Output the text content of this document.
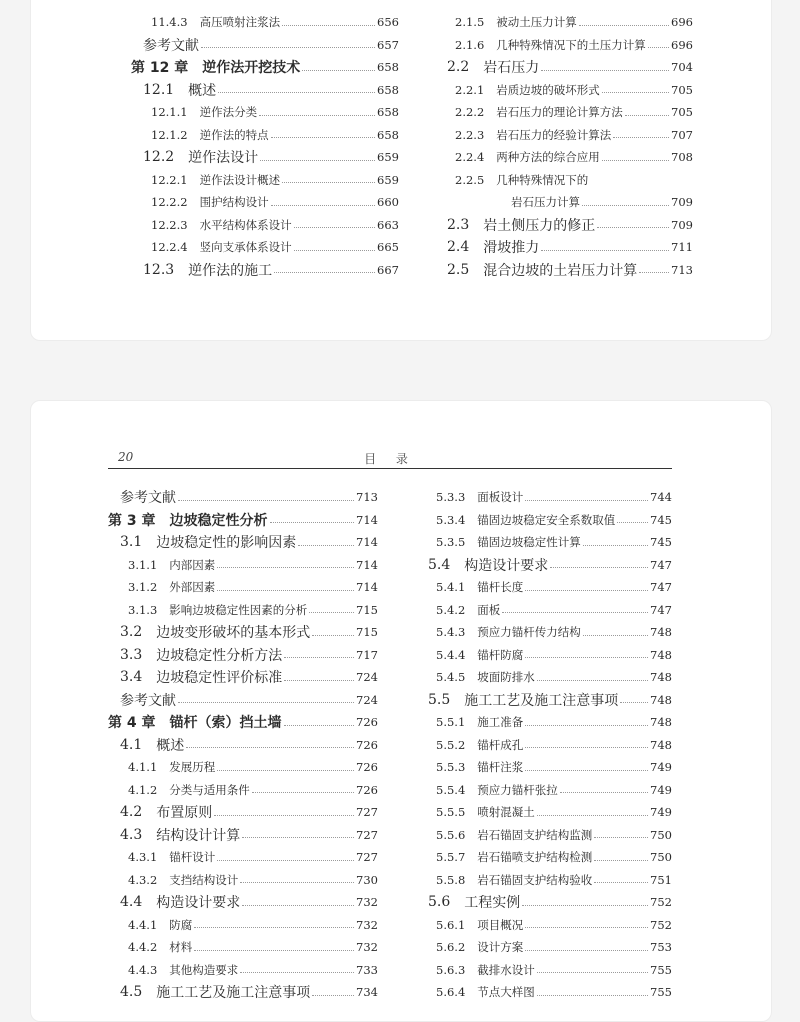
11.4.3 高压喷射注浆法	656
参考文献	657
第 12 章 逆作法开挖技术	658
12.1 概述	658
12.1.1 逆作法分类	658
12.1.2 逆作法的特点	658
12.2 逆作法设计	659
12.2.1 逆作法设计概述	659
12.2.2 围护结构设计	660
12.2.3 水平结构体系设计	663
12.2.4 竖向支承体系设计	665
12.3 逆作法的施工	667
2.1.5 被动土压力计算	696
2.1.6 几种特殊情况下的土压力计算 696
2.2 岩石压力	704
2.2.1 岩质边坡的破坏形式	705
2.2.2 岩石压力的理论计算方法	705
2.2.3 岩石压力的经验计算法	707
2.2.4 两种方法的综合应用	708
2.2.5 几种特殊情况下的
岩石压力计算	709
2.3 岩土侧压力的修正	709
2.4 滑坡推力	711
2.5 混合边坡的土岩压力计算	713
20	目 录
参考文献	713
第 3 章 边坡稳定性分析	714
3.1 边坡稳定性的影响因素	714
3.1.1 内部因素	714
3.1.2 外部因素	714
3.1.3 影响边坡稳定性因素的分析	715
3.2 边坡变形破坏的基本形式	715
3.3 边坡稳定性分析方法	717
3.4 边坡稳定性评价标准	724
参考文献	724
第 4 章 锚杆（索）挡土墙	726
4.1 概述	726
4.1.1 发展历程	726
4.1.2 分类与适用条件	726
4.2 布置原则	727
4.3 结构设计计算	727
4.3.1 锚杆设计	727
4.3.2 支挡结构设计	730
4.4 构造设计要求	732
4.4.1 防腐	732
4.4.2 材料	732
4.4.3 其他构造要求	733
4.5 施工工艺及施工注意事项	734
5.3.3 面板设计	744
5.3.4 锚固边坡稳定安全系数取值	745
5.3.5 锚固边坡稳定性计算	745
5.4 构造设计要求	747
5.4.1 锚杆长度	747
5.4.2 面板	747
5.4.3 预应力锚杆传力结构	748
5.4.4 锚杆防腐	748
5.4.5 坡面防排水	748
5.5 施工工艺及施工注意事项	748
5.5.1 施工准备	748
5.5.2 锚杆成孔	748
5.5.3 锚杆注浆	749
5.5.4 预应力锚杆张拉	749
5.5.5 喷射混凝土	749
5.5.6 岩石锚固支护结构监测	750
5.5.7 岩石锚喷支护结构检测	750
5.5.8 岩石锚固支护结构验收	751
5.6 工程实例	752
5.6.1 项目概况	752
5.6.2 设计方案	753
5.6.3 截排水设计	755
5.6.4 节点大样图	755
